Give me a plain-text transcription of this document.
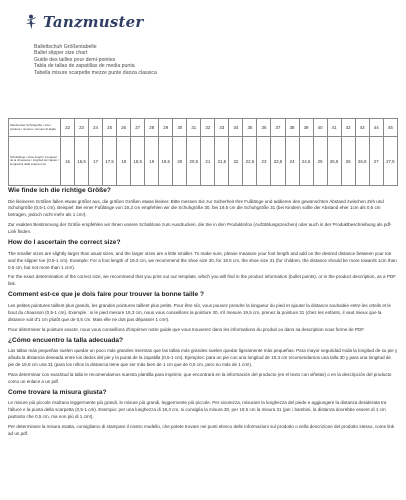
Tanzmuster
Ballettschuh Größentabelle
Ballet slipper size chart
Guide des tailles pour demi-pointes
Tabla de tallas de zapatillas de media punta
Tabella misure scarpette mezze punte danza classica
Sandmuster Schuhgröße / size / pointure / numero / numero di taglia	22	23	24	25	26	27	28	29	30	31	32	33	34	35	36	37	38	39	40	41	42	43	44	45
Schuhlänge / shoe length / Longueur de la chaussure / longitud del zapato / lunghezza della scarpa (cm)	16	16,5	17	17,5	18	18,5	19	19,5	20	20,5	21	21,5	22	22,5	23	23,5	24	24,5	25	25,5	26	26,5	27	27,5
Wie finde ich die richtige Größe?

Die kleineren Größen fallen etwas größer aus, die größen Größen etwas kleiner. Bitte messen Sie zur Sicherheit Ihre Fußlänge und addieren den gewünschten Abstand zwischen Zeh und Schuhgröße (0,5-1 cm). Beispiel: Bei einer Fußlänge von 19,3 cm empfehlen wir die Schuhgröße 30, bei 19,5 cm die Schuhgröße 31 (bei Kindern sollte der Abstand eher 1cm als 0,5 cm betragen, jedoch nicht mehr als 1 cm!).

Zur exakten Bestimmung der Größe empfehlen wir Ihnen unsere Schablone zum Ausdrucken, die Sie in den Produktinfos (Aufzählungszeichen) oder auch in der Produktbeschreibung als pdf-Link finden.

How do I ascertain the correct size?

The smaller sizes are slightly larger than usual sizes, and the larger sizes are a little smaller. To make sure, please measure your foot length and add on the desired distance between your toe and the slipper toe (0.5-1 cm). Example: For a foot length of 19.3 cm, we recommend the shoe size 30, for 19.5 cm, the shoe size 31 (for children, the distance should be more towards 1cm than 0.5 cm, but not more than 1 cm!).

For the exact determination of the correct size, we recommend that you print out our template, which you will find in the product information (bullet points), or in the product description, as a PDF link.

Comment est-ce que je dois faire pour trouver la bonne taille ?

Les petites pointures taillent plus grands, les grandes pointures taillent plus petits. Pour être sûr, vous pouvez prendre la longueur du pied et ajouter la distance souhaitée entre les orteils et le bout du chausson (0,5-1 cm). Exemple : si le pied mesure 19,3 cm, nous vous conseillons la pointure 30, s'il mesure 19,5 cm, prenez la pointure 31 (chez les enfants, il vaut mieux que la distance soit d'1 cm plutôt que de 0,5 cm. Mais elle ne doit pas dépasser 1 cm!).

Pour déterminer la pointure exacte, nous vous conseillons d'imprimer notre guide que vous trouverez dans les informations du produit ou dans sa description sous forme de PDF.

¿Cómo encuentro la talla adecuada?

Las tallas más pequeñas suelen quedar un poco más grandes mientras que las tallas más grandes suelen quedar ligeramente más pequeñas. Para mayor seguridad mida la longitud de su pie y añada la distancia deseada entre los dedos del pie y la punta de la zapatilla (0,5-1 cm). Ejemplos: para un pie con una longitud de 19,3 cm recomendamos una talla 30 y para una longitud de pie de 19,5 cm una 31 (para los niños la distancia tiene que ser más bien de 1 cm que de 0,5 cm, pero no más de 1 cm!).

Para determinar con exactitud la talla le recomendamos nuestra plantilla para imprimir, que encontrará en la información del producto (en el texto con viñetas) o en la descripción del producto como un enlace a un pdf.

Come trovare la misura giusta?

Le misure più piccole risultano leggermente più grandi, le misure più grandi, leggermente più piccole. Per sicurezza, misurare la lunghezza del piede e aggiungere la distanza desiderata tra l'alluce e la punta della scarpetta (0,5-1 cm). Esempio: per una lunghezza di 19,3 cm, si consiglia la misura 30, per 19,5 cm la misura 31 (per i bambini, la distanza dovrebbe essere di 1 cm piuttosto che 0,5 cm, ma non più di 1 cm!).

Per determinare la misura esatta, consigliamo di stampare il nostro modello, che potete trovare nei punti elenco delle informazioni sul prodotto o nella descrizione del prodotto stesso, come link ad un pdf.
